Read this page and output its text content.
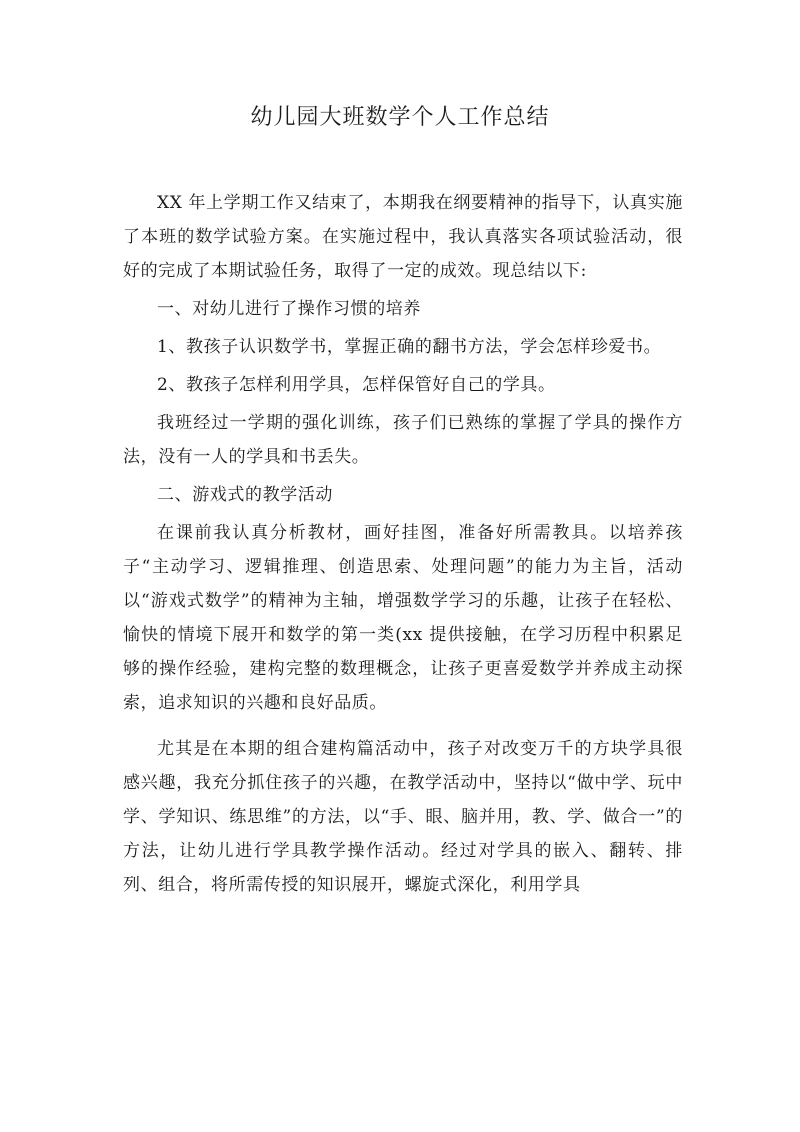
幼儿园大班数学个人工作总结

XX 年上学期工作又结束了，本期我在纲要精神的指导下，认真实施了本班的数学试验方案。在实施过程中，我认真落实各项试验活动，很好的完成了本期试验任务，取得了一定的成效。现总结以下:

一、对幼儿进行了操作习惯的培养

1、教孩子认识数学书，掌握正确的翻书方法，学会怎样珍爱书。

2、教孩子怎样利用学具，怎样保管好自己的学具。

我班经过一学期的强化训练，孩子们已熟练的掌握了学具的操作方法，没有一人的学具和书丢失。

二、游戏式的教学活动

在课前我认真分析教材，画好挂图，准备好所需教具。以培养孩子“主动学习、逻辑推理、创造思索、处理问题”的能力为主旨，活动以“游戏式数学”的精神为主轴，增强数学学习的乐趣，让孩子在轻松、愉快的情境下展开和数学的第一类(xx 提供接触，在学习历程中积累足够的操作经验，建构完整的数理概念，让孩子更喜爱数学并养成主动探索，追求知识的兴趣和良好品质。

尤其是在本期的组合建构篇活动中，孩子对改变万千的方块学具很感兴趣，我充分抓住孩子的兴趣，在教学活动中，坚持以“做中学、玩中学、学知识、练思维”的方法，以“手、眼、脑并用，教、学、做合一”的方法，让幼儿进行学具教学操作活动。经过对学具的嵌入、翻转、排列、组合，将所需传授的知识展开，螺旋式深化，利用学具
